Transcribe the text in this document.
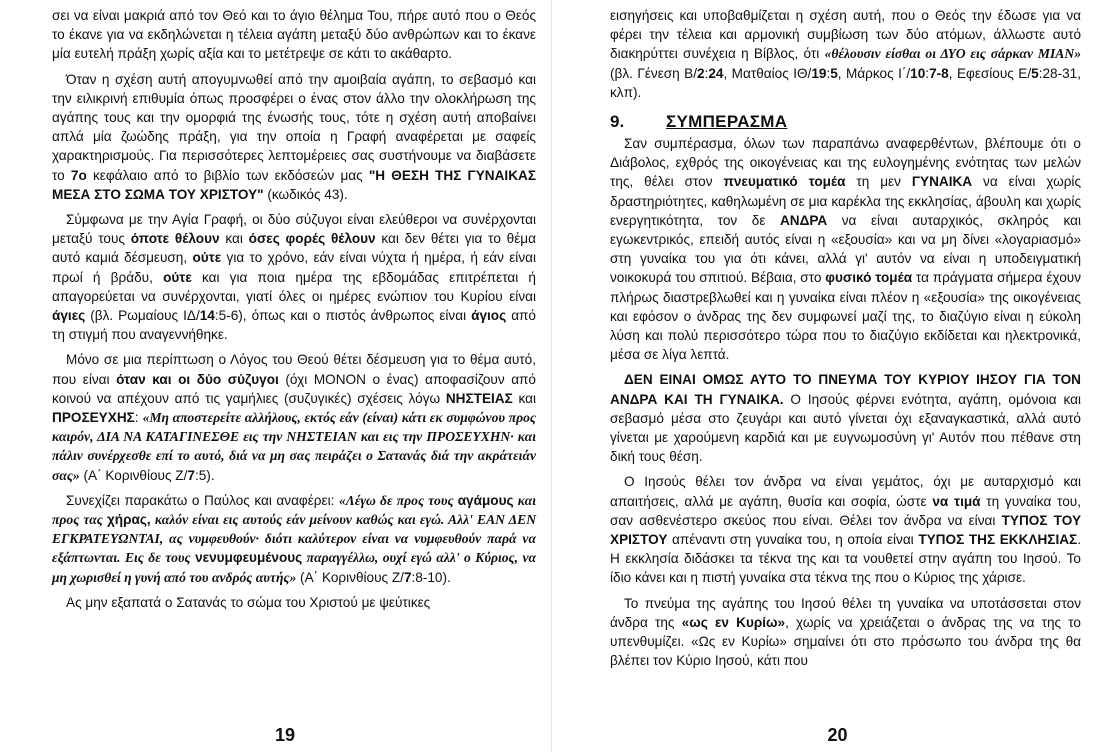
σει να είναι μακριά από τον Θεό και το άγιο θέλημα Του, πήρε αυτό που ο Θεός το έκανε για να εκδηλώνεται η τέλεια αγάπη μεταξύ δύο ανθρώπων και το έκανε μία ευτελή πράξη χωρίς αξία και το μετέτρεψε σε κάτι το ακάθαρτο.

Όταν η σχέση αυτή απογυμνωθεί από την αμοιβαία αγάπη, το σεβασμό και την ειλικρινή επιθυμία όπως προσφέρει ο ένας στον άλλο την ολοκλήρωση της αγάπης τους και την ομορφιά της ένωσής τους, τότε η σχέση αυτή αποβαίνει απλά μία ζωώδης πράξη, για την οποία η Γραφή αναφέρεται με σαφείς χαρακτηρισμούς. Για περισσότερες λεπτομέρειες σας συστήνουμε να διαβάσετε το 7ο κεφάλαιο από το βιβλίο των εκδόσεών μας "Η ΘΕΣΗ ΤΗΣ ΓΥΝΑΙΚΑΣ ΜΕΣΑ ΣΤΟ ΣΩΜΑ ΤΟΥ ΧΡΙΣΤΟΥ" (κωδικός 43).

Σύμφωνα με την Αγία Γραφή, οι δύο σύζυγοι είναι ελεύθεροι να συνέρχονται μεταξύ τους όποτε θέλουν και όσες φορές θέλουν και δεν θέτει για το θέμα αυτό καμιά δέσμευση, ούτε για το χρόνο, εάν είναι νύχτα ή ημέρα, ή εάν είναι πρωί ή βράδυ, ούτε και για ποια ημέρα της εβδομάδας επιτρέπεται ή απαγορεύεται να συνέρχονται, γιατί όλες οι ημέρες ενώπιον του Κυρίου είναι άγιες (βλ. Ρωμαίους ΙΔ/14:5-6), όπως και ο πιστός άνθρωπος είναι άγιος από τη στιγμή που αναγεννήθηκε.

Μόνο σε μια περίπτωση ο Λόγος του Θεού θέτει δέσμευση για το θέμα αυτό, που είναι όταν και οι δύο σύζυγοι (όχι ΜΟΝΟΝ ο ένας) αποφασίζουν από κοινού να απέχουν από τις γαμήλιες (συζυγικές) σχέσεις λόγω ΝΗΣΤΕΙΑΣ και ΠΡΟΣΕΥΧΗΣ: «Μη αποστερείτε αλλήλους, εκτός εάν (είναι) κάτι εκ συμφώνου προς καιρόν, ΔΙΑ ΝΑ ΚΑΤΑΓΙΝΕΣΘΕ εις την ΝΗΣΤΕΙΑΝ και εις την ΠΡΟΣΕΥΧΗΝ· και πάλιν συνέρχεσθε επί το αυτό, διά να μη σας πειράζει ο Σατανάς διά την ακράτειάν σας» (Α΄ Κορινθίους Ζ/7:5).

Συνεχίζει παρακάτω ο Παύλος και αναφέρει: «Λέγω δε προς τους αγάμους και προς τας χήρας, καλόν είναι εις αυτούς εάν μείνουν καθώς και εγώ. Αλλ' ΕΑΝ ΔΕΝ ΕΓΚΡΑΤΕΥΩΝΤΑΙ, ας νυμφευθούν· διότι καλύτερον είναι να νυμφευθούν παρά να εξάπτωνται. Εις δε τους νενυμφευμένους παραγγέλλω, ουχί εγώ αλλ' ο Κύριος, να μη χωρισθεί η γυνή από του ανδρός αυτής» (Α΄ Κορινθίους Ζ/7:8-10).

Ας μην εξαπατά ο Σατανάς το σώμα του Χριστού με ψεύτικες

19

εισηγήσεις και υποβαθμίζεται η σχέση αυτή, που ο Θεός την έδωσε για να φέρει την τέλεια και αρμονική συμβίωση των δύο ατόμων, άλλωστε αυτό διακηρύττει συνέχεια η Βίβλος, ότι «θέλουσιν είσθαι οι ΔΥΟ εις σάρκαν ΜΙΑΝ» (βλ. Γένεση Β/2:24, Ματθαίος ΙΘ/19:5, Μάρκος Ι΄/10:7-8, Εφεσίους Ε/5:28-31, κλπ).

9.	ΣΥΜΠΕΡΑΣΜΑ

Σαν συμπέρασμα, όλων των παραπάνω αναφερθέντων, βλέπουμε ότι ο Διάβολος, εχθρός της οικογένειας και της ευλογημένης ενότητας των μελών της, θέλει στον πνευματικό τομέα τη μεν ΓΥΝΑΙΚΑ να είναι χωρίς δραστηριότητες, καθηλωμένη σε μια καρέκλα της εκκλησίας, άβουλη και χωρίς ενεργητικότητα, τον δε ΑΝΔΡΑ να είναι αυταρχικός, σκληρός και εγωκεντρικός, επειδή αυτός είναι η «εξουσία» και να μη δίνει «λογαριασμό» στη γυναίκα του για ότι κάνει, αλλά γι' αυτόν να είναι η υποδειγματική νοικοκυρά του σπιτιού. Βέβαια, στο φυσικό τομέα τα πράγματα σήμερα έχουν πλήρως διαστρεβλωθεί και η γυναίκα είναι πλέον η «εξουσία» της οικογένειας και εφόσον ο άνδρας της δεν συμφωνεί μαζί της, το διαζύγιο είναι η εύκολη λύση και πολύ περισσότερο τώρα που το διαζύγιο εκδίδεται και ηλεκτρονικά, μέσα σε λίγα λεπτά.

ΔΕΝ ΕΙΝΑΙ ΟΜΩΣ ΑΥΤΟ ΤΟ ΠΝΕΥΜΑ ΤΟΥ ΚΥΡΙΟΥ ΙΗΣΟΥ ΓΙΑ ΤΟΝ ΑΝΔΡΑ ΚΑΙ ΤΗ ΓΥΝΑΙΚΑ. Ο Ιησούς φέρνει ενότητα, αγάπη, ομόνοια και σεβασμό μέσα στο ζευγάρι και αυτό γίνεται όχι εξαναγκαστικά, αλλά αυτό γίνεται με χαρούμενη καρδιά και με ευγνωμοσύνη γι' Αυτόν που πέθανε στη δική τους θέση.

Ο Ιησούς θέλει τον άνδρα να είναι γεμάτος, όχι με αυταρχισμό και απαιτήσεις, αλλά με αγάπη, θυσία και σοφία, ώστε να τιμά τη γυναίκα του, σαν ασθενέστερο σκεύος που είναι. Θέλει τον άνδρα να είναι ΤΥΠΟΣ ΤΟΥ ΧΡΙΣΤΟΥ απέναντι στη γυναίκα του, η οποία είναι ΤΥΠΟΣ ΤΗΣ ΕΚΚΛΗΣΙΑΣ. Η εκκλησία διδάσκει τα τέκνα της και τα νουθετεί στην αγάπη του Ιησού. Το ίδιο κάνει και η πιστή γυναίκα στα τέκνα της που ο Κύριος της χάρισε.

Το πνεύμα της αγάπης του Ιησού θέλει τη γυναίκα να υποτάσσεται στον άνδρα της «ως εν Κυρίω», χωρίς να χρειάζεται ο άνδρας της να της το υπενθυμίζει. «Ως εν Κυρίω» σημαίνει ότι στο πρόσωπο του άνδρα της θα βλέπει τον Κύριο Ιησού, κάτι που

20
